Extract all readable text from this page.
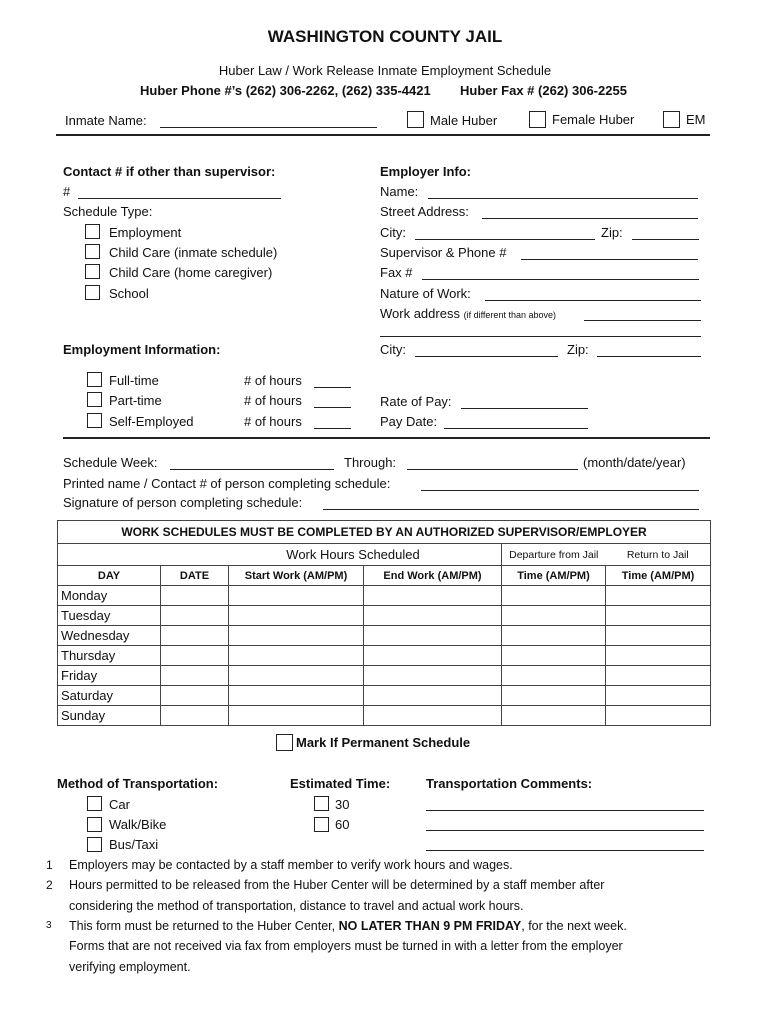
WASHINGTON COUNTY JAIL
Huber Law / Work Release Inmate Employment Schedule
Huber Phone #’s (262) 306-2262, (262) 335-4421 Huber Fax # (262) 306-2255
Inmate Name:	Male Huber	Female Huber	EM
Contact # if other than supervisor:
#
Schedule Type:
Employment
Child Care (inmate schedule)
Child Care (home caregiver)
School
Employer Info:
Name:
Street Address:
City:	Zip:
Supervisor & Phone #
Fax #
Nature of Work:
Work address (if different than above)
City:	Zip:
Employment Information:
Full-time
Part-time
Self-Employed
# of hours
# of hours
# of hours
Rate of Pay:
Pay Date:
Schedule Week:	Through:	(month/date/year)
Printed name / Contact # of person completing schedule:
Signature of person completing schedule:
WORK SCHEDULES MUST BE COMPLETED BY AN AUTHORIZED SUPERVISOR/EMPLOYER					
Work Hours Scheduled				Departure from Jail	Return to Jail
DAY	DATE	Start Work (AM/PM)	End Work (AM/PM)	Time (AM/PM)	Time (AM/PM)
Monday					
Tuesday					
Wednesday					
Thursday					
Friday					
Saturday					
Sunday					
Mark If Permanent Schedule
Method of Transportation:
Car
Walk/Bike
Bus/Taxi
Estimated Time:
30
60
Transportation Comments:
1 Employers may be contacted by a staff member to verify work hours and wages.
2 Hours permitted to be released from the Huber Center will be determined by a staff member after
considering the method of transportation, distance to travel and actual work hours.
3 This form must be returned to the Huber Center, NO LATER THAN 9 PM FRIDAY, for the next week.
Forms that are not received via fax from employers must be turned in with a letter from the employer
verifying employment.
